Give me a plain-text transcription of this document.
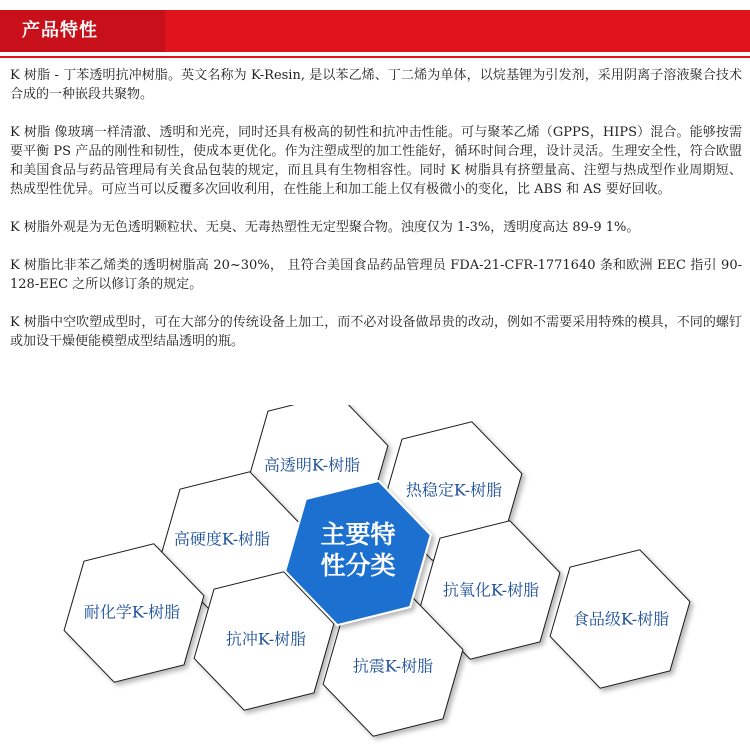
产品特性

K 树脂 - 丁苯透明抗冲树脂。英文名称为 K-Resin, 是以苯乙烯、丁二烯为单体，以烷基锂为引发剂，采用阴离子溶液聚合技术合成的一种嵌段共聚物。

K 树脂 像玻璃一样清澈、透明和光亮，同时还具有极高的韧性和抗冲击性能。可与聚苯乙烯（GPPS，HIPS）混合。能够按需要平衡 PS 产品的刚性和韧性，使成本更优化。作为注塑成型的加工性能好，循环时间合理，设计灵活。生理安全性，符合欧盟和美国食品与药品管理局有关食品包装的规定，而且具有生物相容性。同时 K 树脂具有挤塑量高、注塑与热成型作业周期短、热成型性优异。可应当可以反覆多次回收利用，在性能上和加工能上仅有极微小的变化，比 ABS 和 AS 要好回收。

K 树脂外观是为无色透明颗粒状、无臭、无毒热塑性无定型聚合物。浊度仅为 1-3%，透明度高达 89-9 1%。

K 树脂比非苯乙烯类的透明树脂高 20~30%， 且符合美国食品药品管理员 FDA-21-CFR-1771640 条和欧洲 EEC 指引 90-128-EEC 之所以修订条的规定。

K 树脂中空吹塑成型时，可在大部分的传统设备上加工，而不必对设备做昂贵的改动，例如不需要采用特殊的模具，不同的螺钉或加设干燥便能模塑成型结晶透明的瓶。

高透明K-树脂
热稳定K-树脂
高硬度K-树脂
抗氧化K-树脂
耐化学K-树脂	食品级K-树脂
抗冲K-树脂
抗震K-树脂
主要特
性分类
